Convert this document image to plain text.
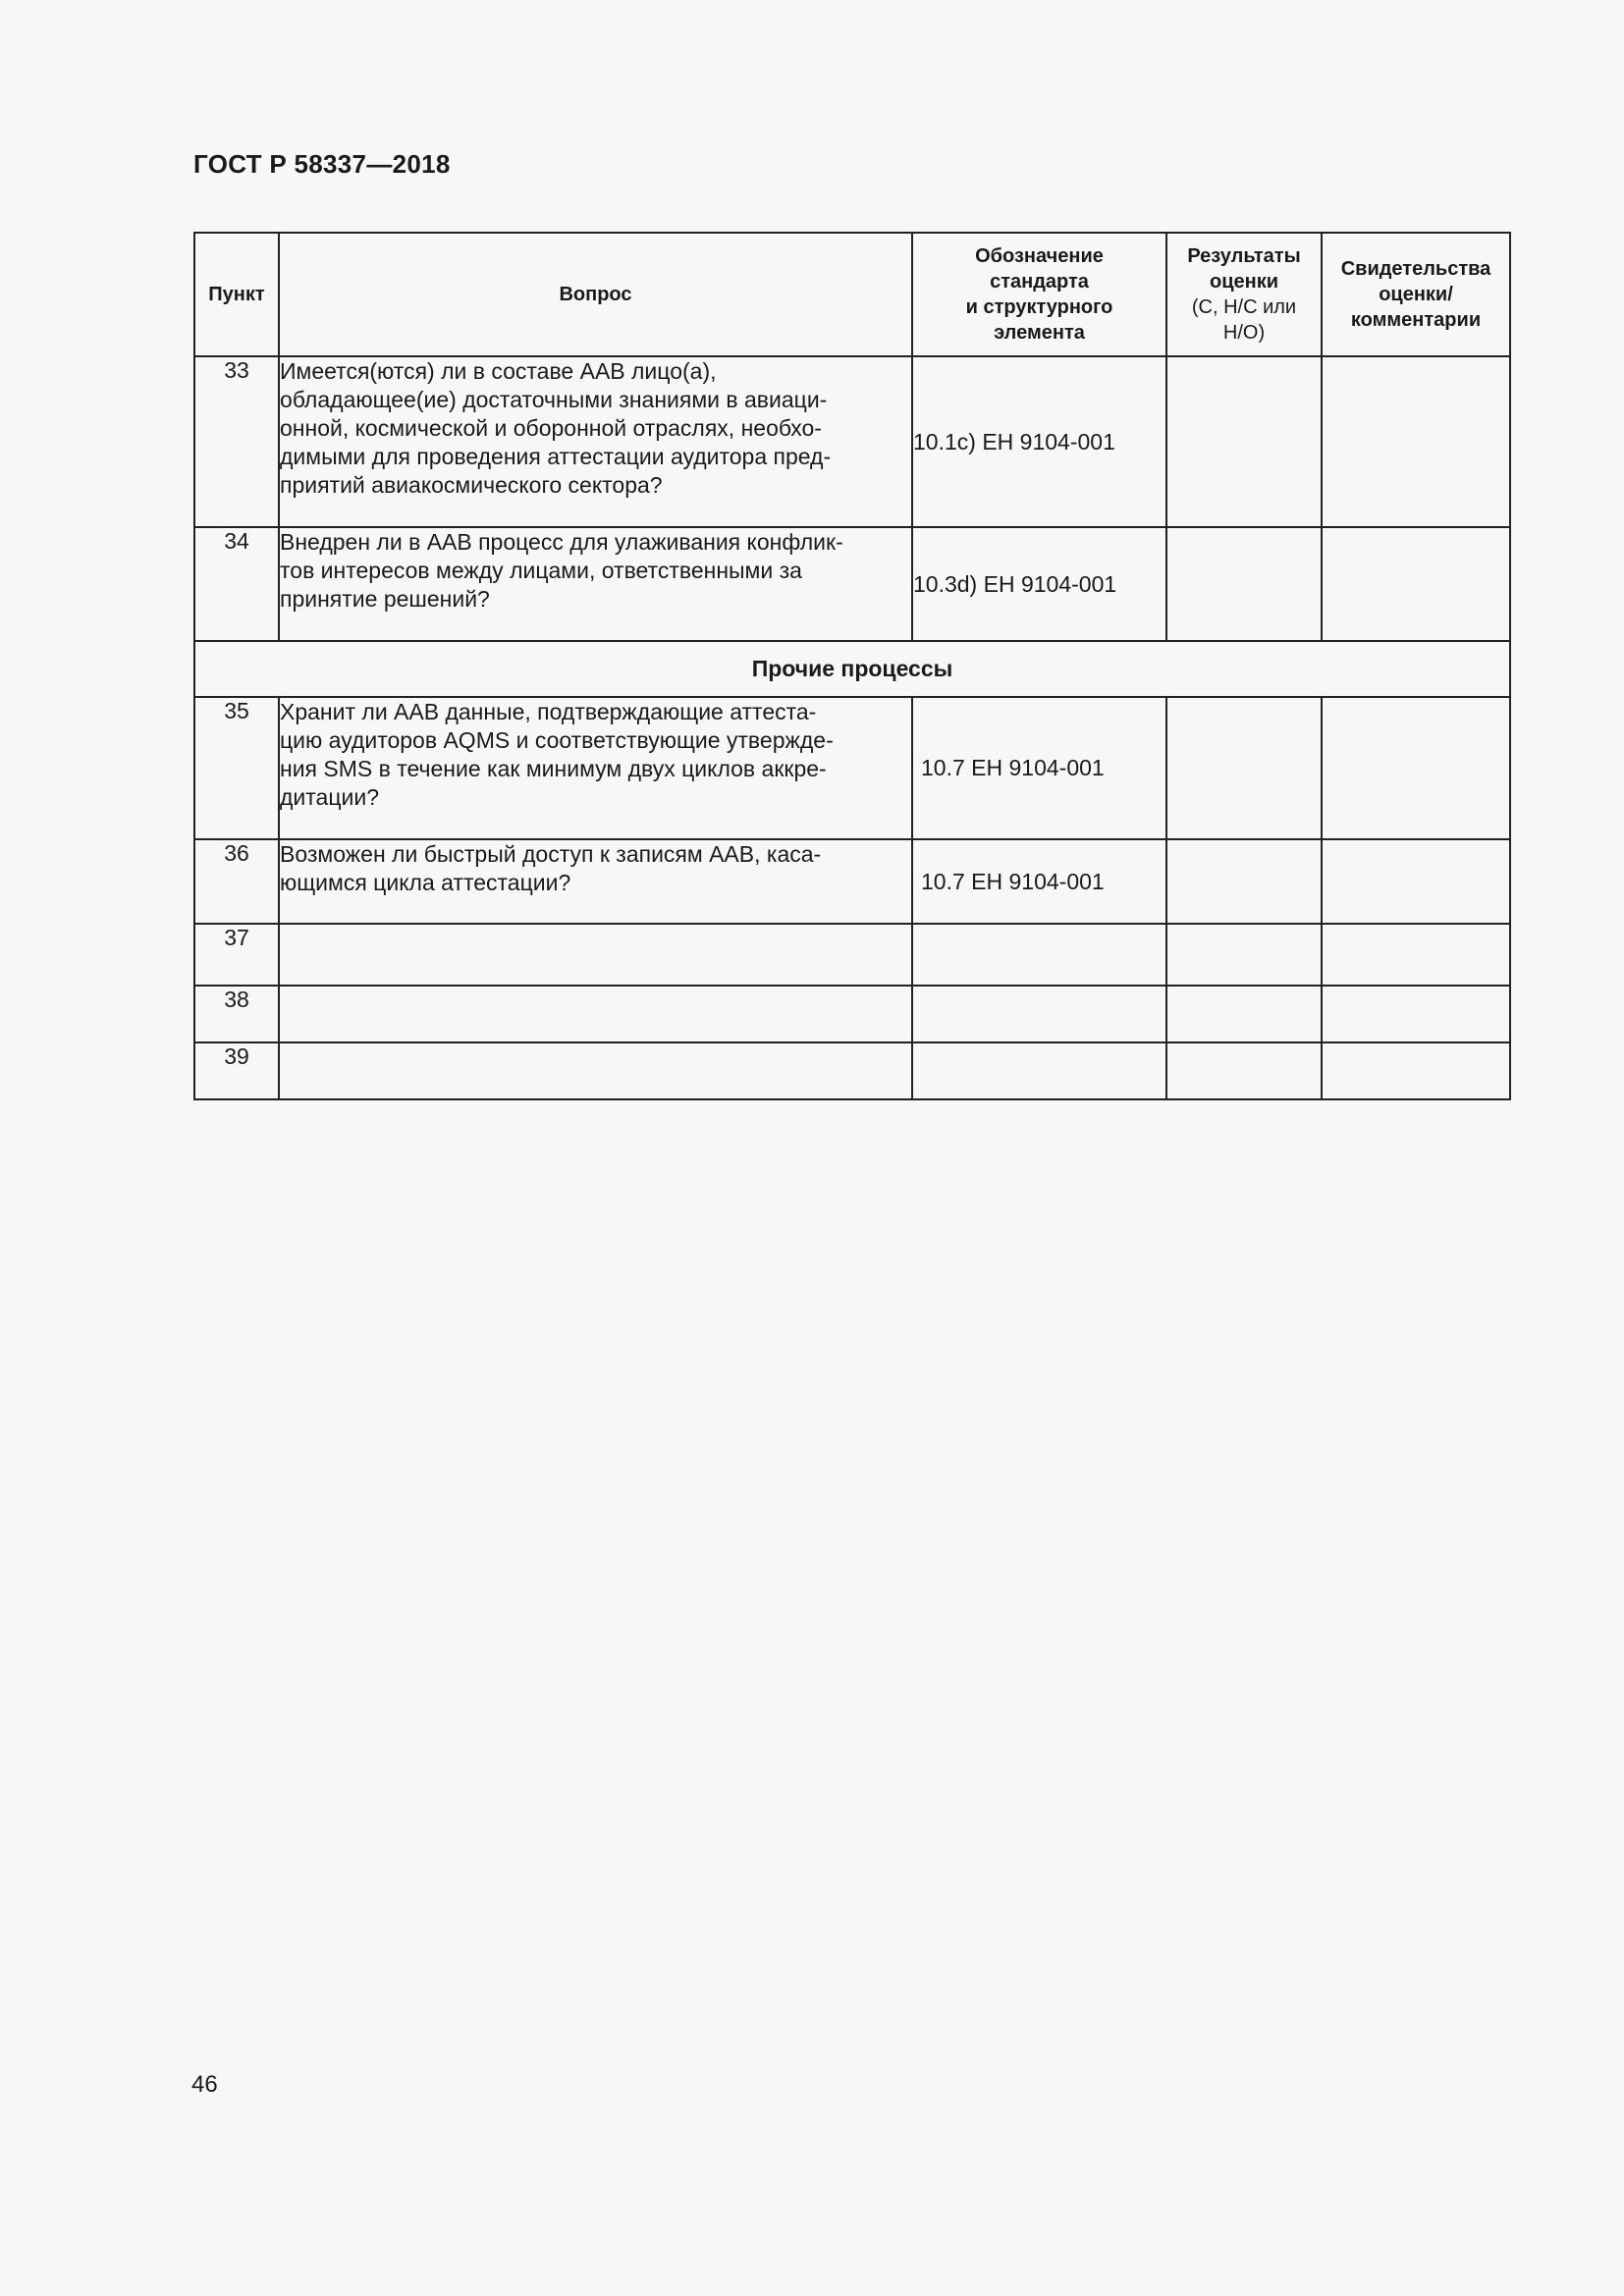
ГОСТ Р 58337—2018
Пункт	Вопрос	Обозначение
стандарта
и структурного
элемента	Результаты
оценки
(С, Н/С или
Н/О)	Свидетельства
оценки/
комментарии
33	Имеется(ются) ли в составе ААВ лицо(а),
обладающее(ие) достаточными знаниями в авиаци-
онной, космической и оборонной отраслях, необхо-
димыми для проведения аттестации аудитора пред-
приятий авиакосмического сектора?	10.1c) ЕН 9104-001		
34	Внедрен ли в ААВ процесс для улаживания конфлик-
тов интересов между лицами, ответственными за
принятие решений?	10.3d) ЕН 9104-001		
Прочие процессы				
35	Хранит ли ААВ данные, подтверждающие аттеста-
цию аудиторов AQMS и соответствующие утвержде-
ния SMS в течение как минимум двух циклов аккре-
дитации?	10.7 ЕН 9104-001		
36	Возможен ли быстрый доступ к записям ААВ, каса-
ющимся цикла аттестации?	10.7 ЕН 9104-001		
37				
38				
39				
46
